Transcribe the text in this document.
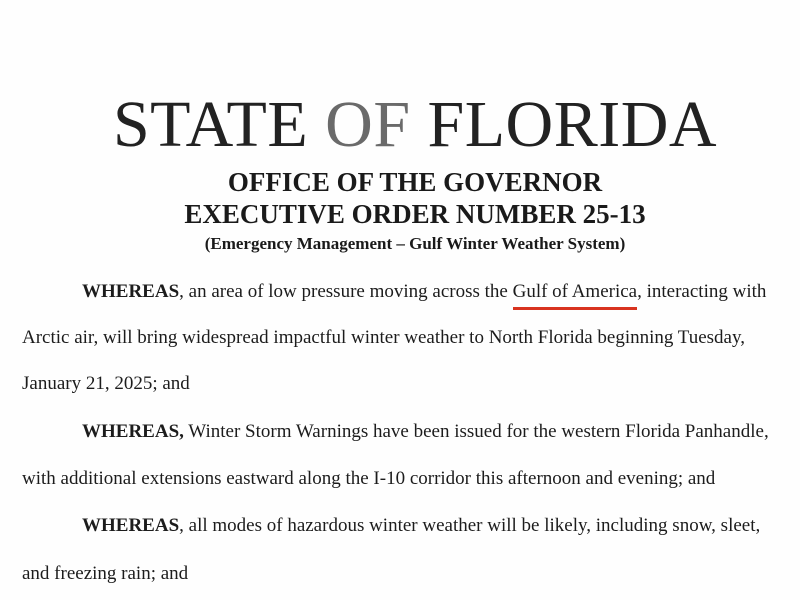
STATE OF FLORIDA
OFFICE OF THE GOVERNOR
EXECUTIVE ORDER NUMBER 25-13
(Emergency Management – Gulf Winter Weather System)
WHEREAS, an area of low pressure moving across the Gulf of America, interacting with
Arctic air, will bring widespread impactful winter weather to North Florida beginning Tuesday,
January 21, 2025; and
WHEREAS, Winter Storm Warnings have been issued for the western Florida Panhandle,
with additional extensions eastward along the I-10 corridor this afternoon and evening; and
WHEREAS, all modes of hazardous winter weather will be likely, including snow, sleet,
and freezing rain; and
